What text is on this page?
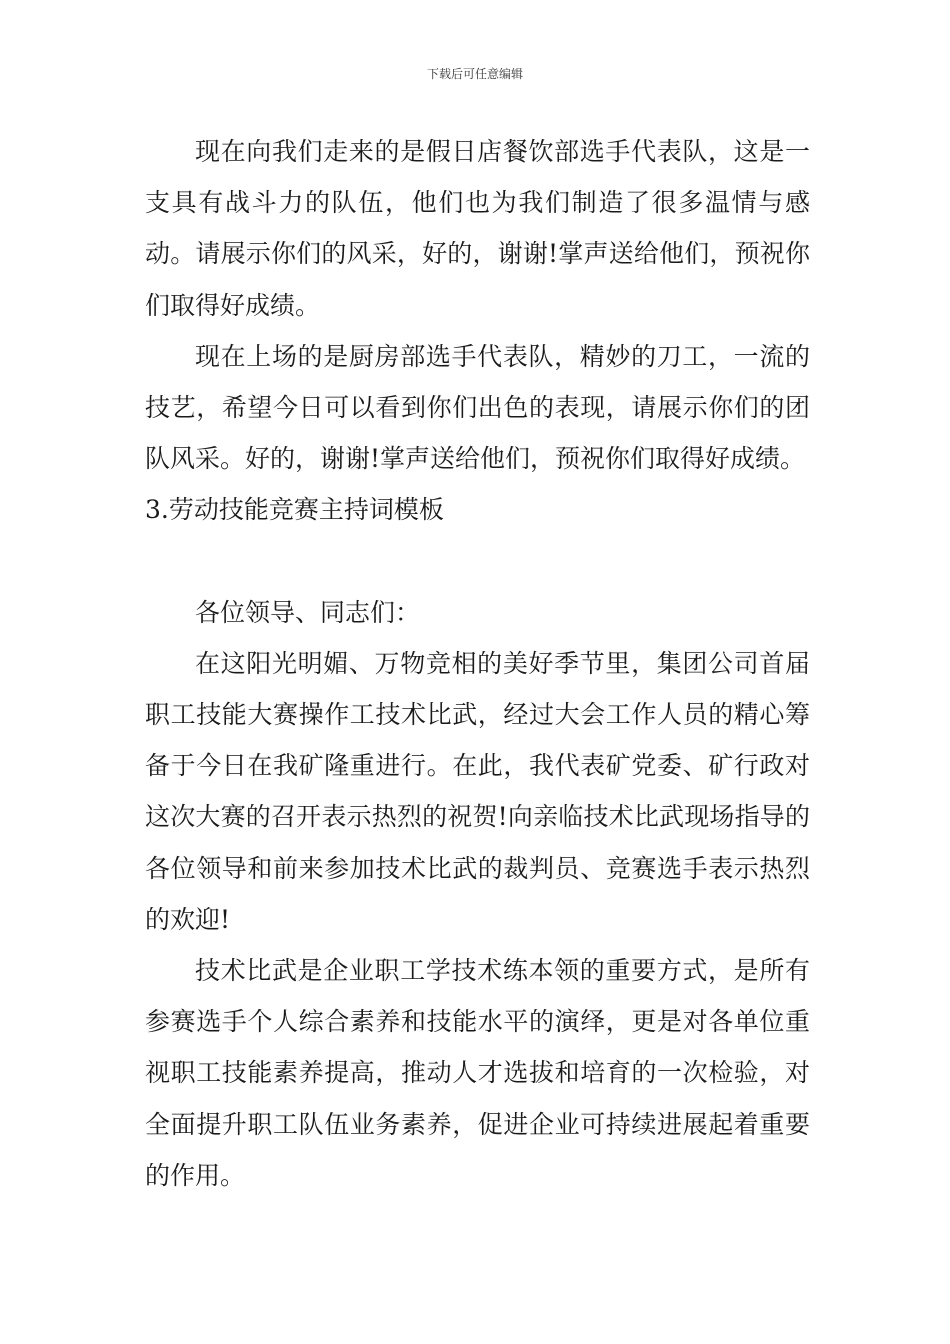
下载后可任意编辑

现在向我们走来的是假日店餐饮部选手代表队，这是一支具有战斗力的队伍，他们也为我们制造了很多温情与感动。请展示你们的风采，好的，谢谢!掌声送给他们，预祝你们取得好成绩。

现在上场的是厨房部选手代表队，精妙的刀工，一流的技艺，希望今日可以看到你们出色的表现，请展示你们的团队风采。好的，谢谢!掌声送给他们，预祝你们取得好成绩。

3.劳动技能竞赛主持词模板

各位领导、同志们：

在这阳光明媚、万物竞相的美好季节里，集团公司首届职工技能大赛操作工技术比武，经过大会工作人员的精心筹备于今日在我矿隆重进行。在此，我代表矿党委、矿行政对这次大赛的召开表示热烈的祝贺!向亲临技术比武现场指导的各位领导和前来参加技术比武的裁判员、竞赛选手表示热烈的欢迎!

技术比武是企业职工学技术练本领的重要方式，是所有参赛选手个人综合素养和技能水平的演绎，更是对各单位重视职工技能素养提高，推动人才选拔和培育的一次检验，对全面提升职工队伍业务素养，促进企业可持续进展起着重要的作用。
